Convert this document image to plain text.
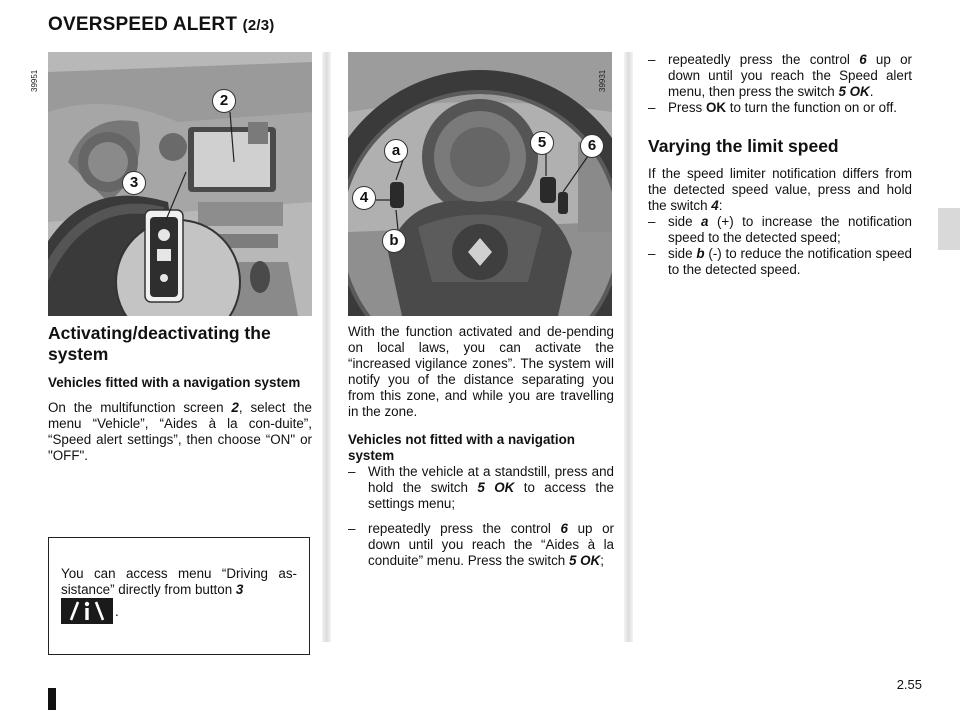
OVERSPEED ALERT (2/3)
39951
2
3
39931
a	5	6
4
b
Activating/deactivating the system
Vehicles fitted with a navigation system

On the multifunction screen 2, select the menu “Vehicle”, “Aides à la con-duite”, “Speed alert settings”, then choose “ON" or "OFF".

You can access menu “Driving as-sistance” directly from button 3

.

With the function activated and de-pending on local laws, you can activate the “increased vigilance zones”. The system will notify you of the distance separating you from this zone, and while you are travelling in the zone.

Vehicles not fitted with a navigation system

– With the vehicle at a standstill, press and hold the switch 5 OK to access the settings menu;

– repeatedly press the control 6 up or down until you reach the “Aides à la conduite” menu. Press the switch 5 OK;

– repeatedly press the control 6 up or down until you reach the Speed alert menu, then press the switch 5 OK.

– Press OK to turn the function on or off.

Varying the limit speed

If the speed limiter notification differs from the detected speed value, press and hold the switch 4:

– side a (+) to increase the notification speed to the detected speed;

– side b (-) to reduce the notification speed to the detected speed.

2.55
